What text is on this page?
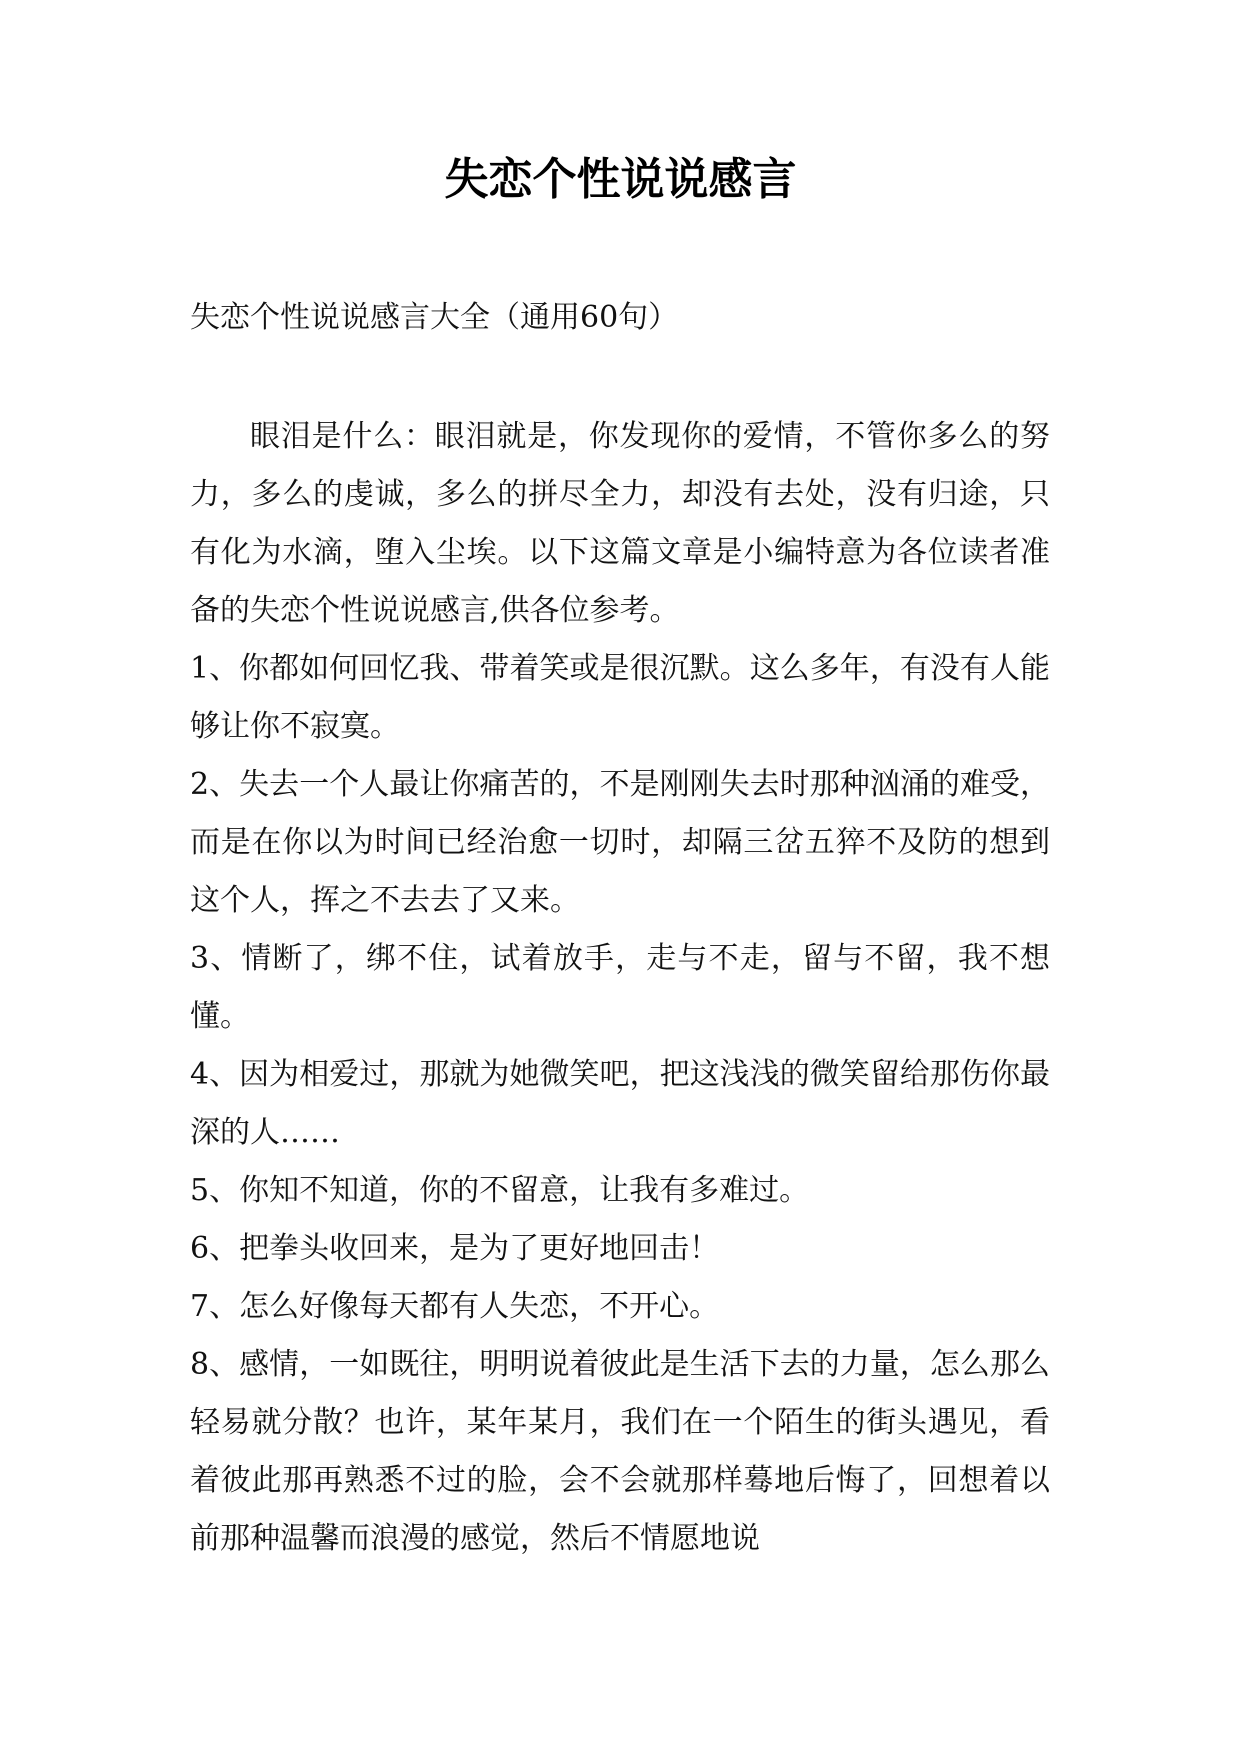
失恋个性说说感言
失恋个性说说感言大全（通用60句）

眼泪是什么：眼泪就是，你发现你的爱情，不管你多么的努力，多么的虔诚，多么的拼尽全力，却没有去处，没有归途，只有化为水滴，堕入尘埃。以下这篇文章是小编特意为各位读者准备的失恋个性说说感言,供各位参考。

1、你都如何回忆我、带着笑或是很沉默。这么多年，有没有人能够让你不寂寞。

2、失去一个人最让你痛苦的，不是刚刚失去时那种汹涌的难受，而是在你以为时间已经治愈一切时，却隔三岔五猝不及防的想到这个人，挥之不去去了又来。

3、情断了，绑不住，试着放手，走与不走，留与不留，我不想懂。

4、因为相爱过，那就为她微笑吧，把这浅浅的微笑留给那伤你最深的人……

5、你知不知道，你的不留意，让我有多难过。

6、把拳头收回来，是为了更好地回击！

7、怎么好像每天都有人失恋，不开心。

8、感情，一如既往，明明说着彼此是生活下去的力量，怎么那么轻易就分散？也许，某年某月，我们在一个陌生的街头遇见，看着彼此那再熟悉不过的脸，会不会就那样蓦地后悔了，回想着以前那种温馨而浪漫的感觉，然后不情愿地说
